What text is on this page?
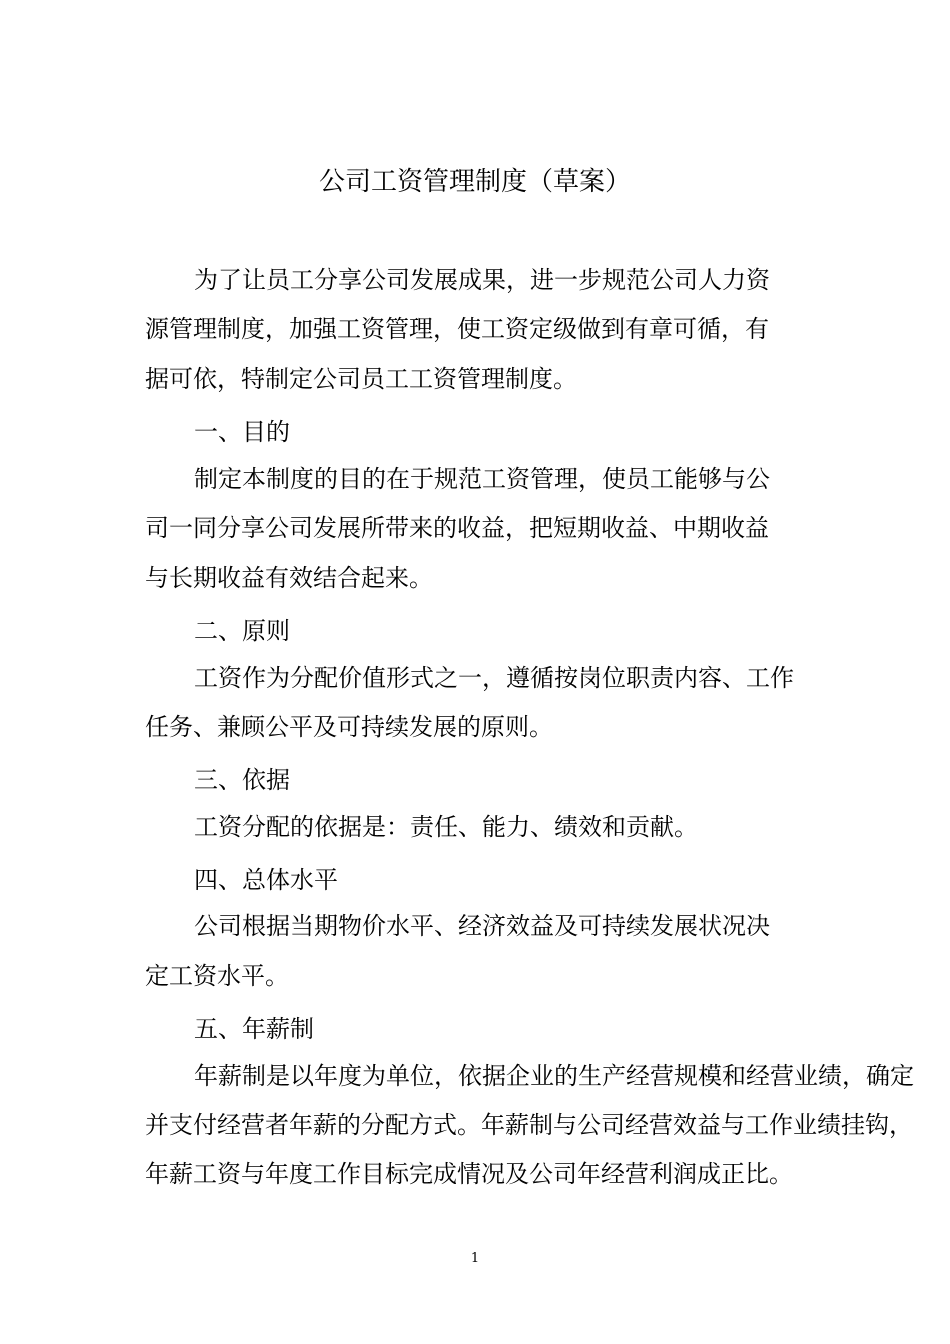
公司工资管理制度（草案）
为了让员工分享公司发展成果，进一步规范公司人力资
源管理制度，加强工资管理，使工资定级做到有章可循，有
据可依，特制定公司员工工资管理制度。
一、目的
制定本制度的目的在于规范工资管理，使员工能够与公
司一同分享公司发展所带来的收益，把短期收益、中期收益
与长期收益有效结合起来。
二、原则
工资作为分配价值形式之一，遵循按岗位职责内容、工作
任务、兼顾公平及可持续发展的原则。
三、依据
工资分配的依据是：责任、能力、绩效和贡献。
四、总体水平
公司根据当期物价水平、经济效益及可持续发展状况决
定工资水平。
五、年薪制
年薪制是以年度为单位，依据企业的生产经营规模和经营业绩，确定
并支付经营者年薪的分配方式。年薪制与公司经营效益与工作业绩挂钩，
年薪工资与年度工作目标完成情况及公司年经营利润成正比。
1
